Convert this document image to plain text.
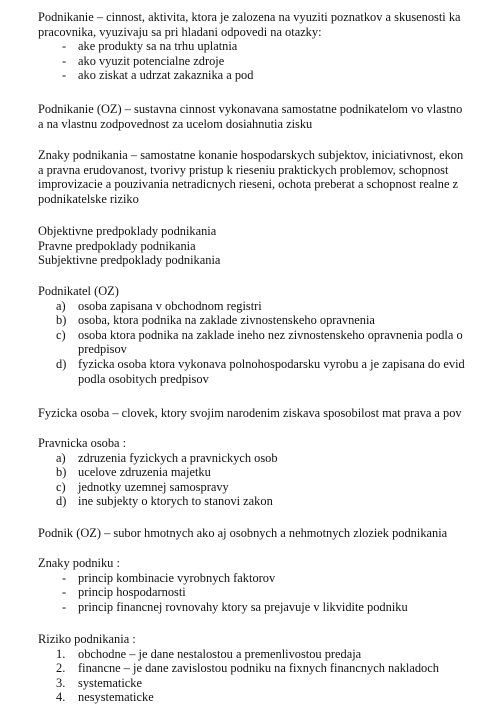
Podnikanie – cinnost, aktivita, ktora je zalozena na vyuziti poznatkov a skusenosti ka

pracovnika, vyuzivaju sa pri hladani odpovedi na otazky:

- ake produkty sa na trhu uplatnia
- ako vyuzit potencialne zdroje
- ako ziskat a udrzat zakaznika a pod

Podnikanie (OZ) – sustavna cinnost vykonavana samostatne podnikatelom vo vlastno

a na vlastnu zodpovednost za ucelom dosiahnutia zisku

Znaky podnikania – samostatne konanie hospodarskych subjektov, iniciativnost, ekon

a pravna erudovanost, tvorivy pristup k rieseniu praktickych problemov, schopnost

improvizacie a pouzivania netradicnych rieseni, ochota preberat a schopnost realne z

podnikatelske riziko

Objektivne predpoklady podnikania

Pravne predpoklady podnikania

Subjektivne predpoklady podnikania

Podnikatel (OZ)

a) osoba zapisana v obchodnom registri
b) osoba, ktora podnika na zaklade zivnostenskeho opravnenia
c) osoba ktora podnika na zaklade ineho nez zivnostenskeho opravnenia podla o
predpisov
d) fyzicka osoba ktora vykonava polnohospodarsku vyrobu a je zapisana do evid
podla osobitych predpisov

Fyzicka osoba – clovek, ktory svojim narodenim ziskava sposobilost mat prava a pov

Pravnicka osoba :

a) zdruzenia fyzickych a pravnickych osob
b) ucelove zdruzenia majetku
c) jednotky uzemnej samospravy
d) ine subjekty o ktorych to stanovi zakon

Podnik (OZ) – subor hmotnych ako aj osobnych a nehmotnych zloziek podnikania

Znaky podniku :

- princip kombinacie vyrobnych faktorov
- princip hospodarnosti
- princip financnej rovnovahy ktory sa prejavuje v likvidite podniku

Riziko podnikania :

1. obchodne – je dane nestalostou a premenlivostou predaja
2. financne – je dane zavislostou podniku na fixnych financnych nakladoch
3. systematicke
4. nesystematicke
